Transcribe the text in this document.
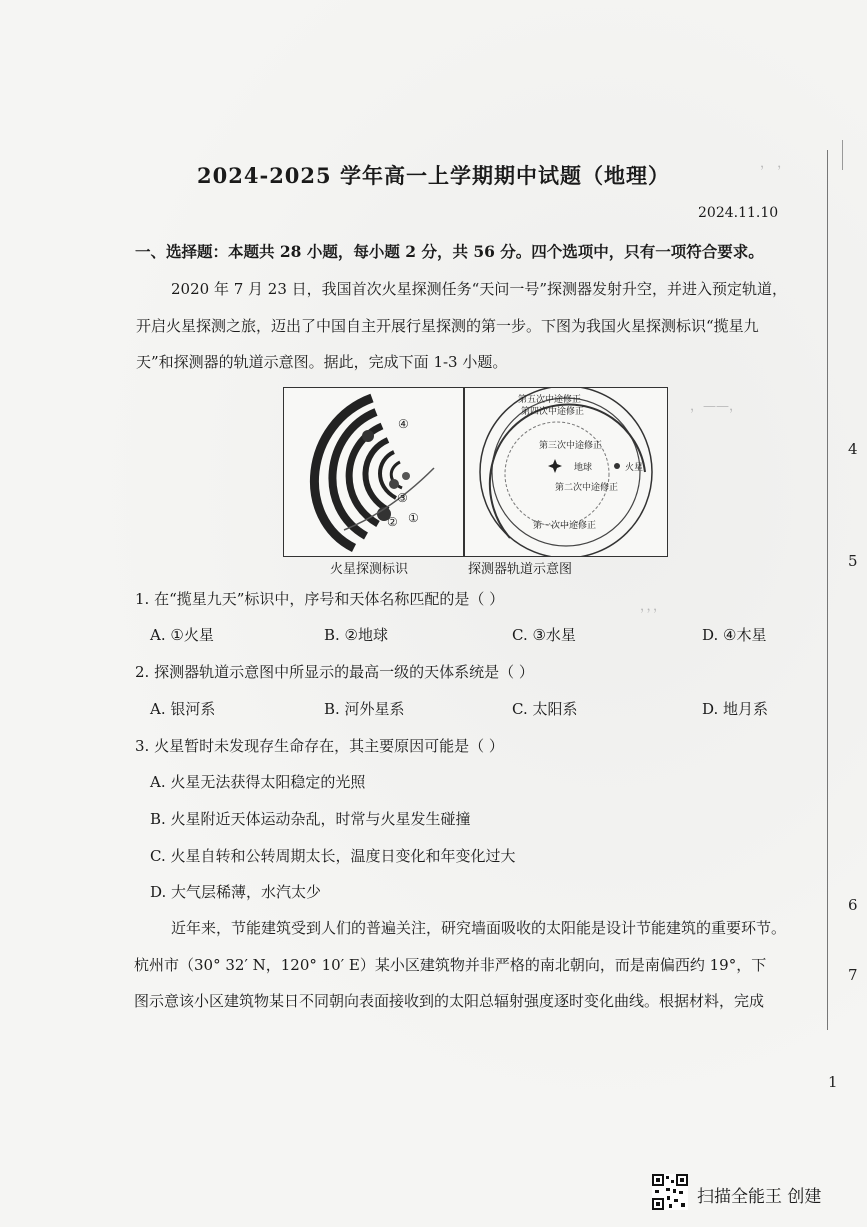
， ，
，——，
，，，
4
5
6
7
1
2024-2025 学年高一上学期期中试题（地理）
2024.11.10
一、选择题：本题共 28 小题，每小题 2 分，共 56 分。四个选项中，只有一项符合要求。
2020 年 7 月 23 日，我国首次火星探测任务“天问一号”探测器发射升空，并进入预定轨道，
开启火星探测之旅，迈出了中国自主开展行星探测的第一步。下图为我国火星探测标识“揽星九
天”和探测器的轨道示意图。据此，完成下面 1-3 小题。
④
③
② ①
第五次中途修正
第四次中途修正
第三次中途修正
地球	火星
第二次中途修正
第一次中途修正
火星探测标识	探测器轨道示意图
1. 在“揽星九天”标识中，序号和天体名称匹配的是（ ）
A. ①火星	B. ②地球	C. ③水星	D. ④木星
2. 探测器轨道示意图中所显示的最高一级的天体系统是（ ）
A. 银河系	B. 河外星系	C. 太阳系	D. 地月系
3. 火星暂时未发现存生命存在，其主要原因可能是（ ）
A. 火星无法获得太阳稳定的光照
B. 火星附近天体运动杂乱，时常与火星发生碰撞
C. 火星自转和公转周期太长，温度日变化和年变化过大
D. 大气层稀薄，水汽太少
近年来，节能建筑受到人们的普遍关注，研究墙面吸收的太阳能是设计节能建筑的重要环节。
杭州市（30° 32′ N，120° 10′ E）某小区建筑物并非严格的南北朝向，而是南偏西约 19°，下
图示意该小区建筑物某日不同朝向表面接收到的太阳总辐射强度逐时变化曲线。根据材料，完成
扫描全能王 创建
